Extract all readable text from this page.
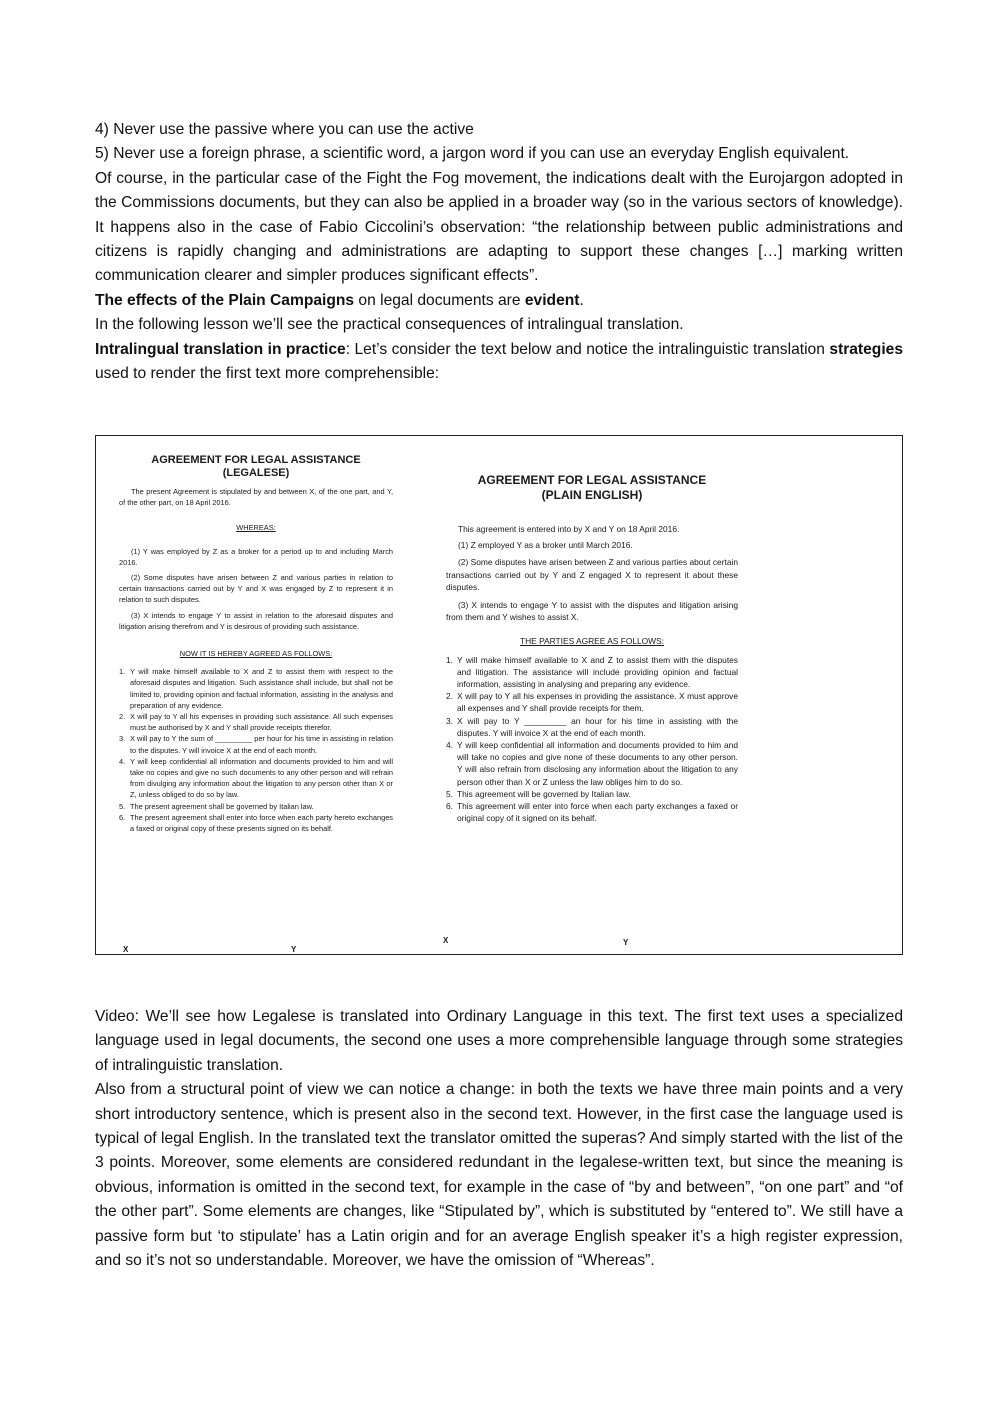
4) Never use the passive where you can use the active

5) Never use a foreign phrase, a scientific word, a jargon word if you can use an everyday English equivalent.

Of course, in the particular case of the Fight the Fog movement, the indications dealt with the Eurojargon adopted in the Commissions documents, but they can also be applied in a broader way (so in the various sectors of knowledge). It happens also in the case of Fabio Ciccolini’s observation: “the relationship between public administrations and citizens is rapidly changing and administrations are adapting to support these changes […] marking written communication clearer and simpler produces significant effects”.

The effects of the Plain Campaigns on legal documents are evident.

In the following lesson we’ll see the practical consequences of intralingual translation.

Intralingual translation in practice: Let’s consider the text below and notice the intralinguistic translation strategies used to render the first text more comprehensible:

AGREEMENT FOR LEGAL ASSISTANCE
(LEGALESE)
The present Agreement is stipulated by and between X, of the one part, and Y, of the other part, on 18 April 2016.
WHEREAS:
(1) Y was employed by Z as a broker for a period up to and including March 2016.
(2) Some disputes have arisen between Z and various parties in relation to certain transactions carried out by Y and X was engaged by Z to represent it in relation to such disputes.
(3) X intends to engage Y to assist in relation to the aforesaid disputes and litigation arising therefrom and Y is desirous of providing such assistance.
NOW IT IS HEREBY AGREED AS FOLLOWS:
1. Y will make himself available to X and Z to assist them with respect to the aforesaid disputes and litigation. Such assistance shall include, but shall not be limited to, providing opinion and factual information, assisting in the analysis and preparation of any evidence.
2. X will pay to Y all his expenses in providing such assistance. All such expenses must be authorised by X and Y shall provide receipts therefor.
3. X will pay to Y the sum of _________ per hour for his time in assisting in relation to the disputes. Y will invoice X at the end of each month.
4. Y will keep confidential all information and documents provided to him and will take no copies and give no such documents to any other person and will refrain from divulging any information about the litigation to any person other than X or Z, unless obliged to do so by law.
5. The present agreement shall be governed by Italian law.
6. The present agreement shall enter into force when each party hereto exchanges a faxed or original copy of these presents signed on its behalf.
X	Y
AGREEMENT FOR LEGAL ASSISTANCE
(PLAIN ENGLISH)
This agreement is entered into by X and Y on 18 April 2016.
(1) Z employed Y as a broker until March 2016.
(2) Some disputes have arisen between Z and various parties about certain transactions carried out by Y and Z engaged X to represent it about these disputes.
(3) X intends to engage Y to assist with the disputes and litigation arising from them and Y wishes to assist X.
THE PARTIES AGREE AS FOLLOWS:
1. Y will make himself available to X and Z to assist them with the disputes and litigation. The assistance will include providing opinion and factual information, assisting in analysing and preparing any evidence.
2. X will pay to Y all his expenses in providing the assistance. X must approve all expenses and Y shall provide receipts for them.
3. X will pay to Y _________ an hour for his time in assisting with the disputes. Y will invoice X at the end of each month.
4. Y will keep confidential all information and documents provided to him and will take no copies and give none of these documents to any other person. Y will also refrain from disclosing any information about the litigation to any person other than X or Z unless the law obliges him to do so.
5. This agreement will be governed by Italian law.
6. This agreement will enter into force when each party exchanges a faxed or original copy of it signed on its behalf.
X	Y

Video: We’ll see how Legalese is translated into Ordinary Language in this text. The first text uses a specialized language used in legal documents, the second one uses a more comprehensible language through some strategies of intralinguistic translation.

Also from a structural point of view we can notice a change: in both the texts we have three main points and a very short introductory sentence, which is present also in the second text. However, in the first case the language used is typical of legal English. In the translated text the translator omitted the superas? And simply started with the list of the 3 points. Moreover, some elements are considered redundant in the legalese-written text, but since the meaning is obvious, information is omitted in the second text, for example in the case of “by and between”, “on one part” and “of the other part”. Some elements are changes, like “Stipulated by”, which is substituted by “entered to”. We still have a passive form but ‘to stipulate’ has a Latin origin and for an average English speaker it’s a high register expression, and so it’s not so understandable. Moreover, we have the omission of “Whereas”.
